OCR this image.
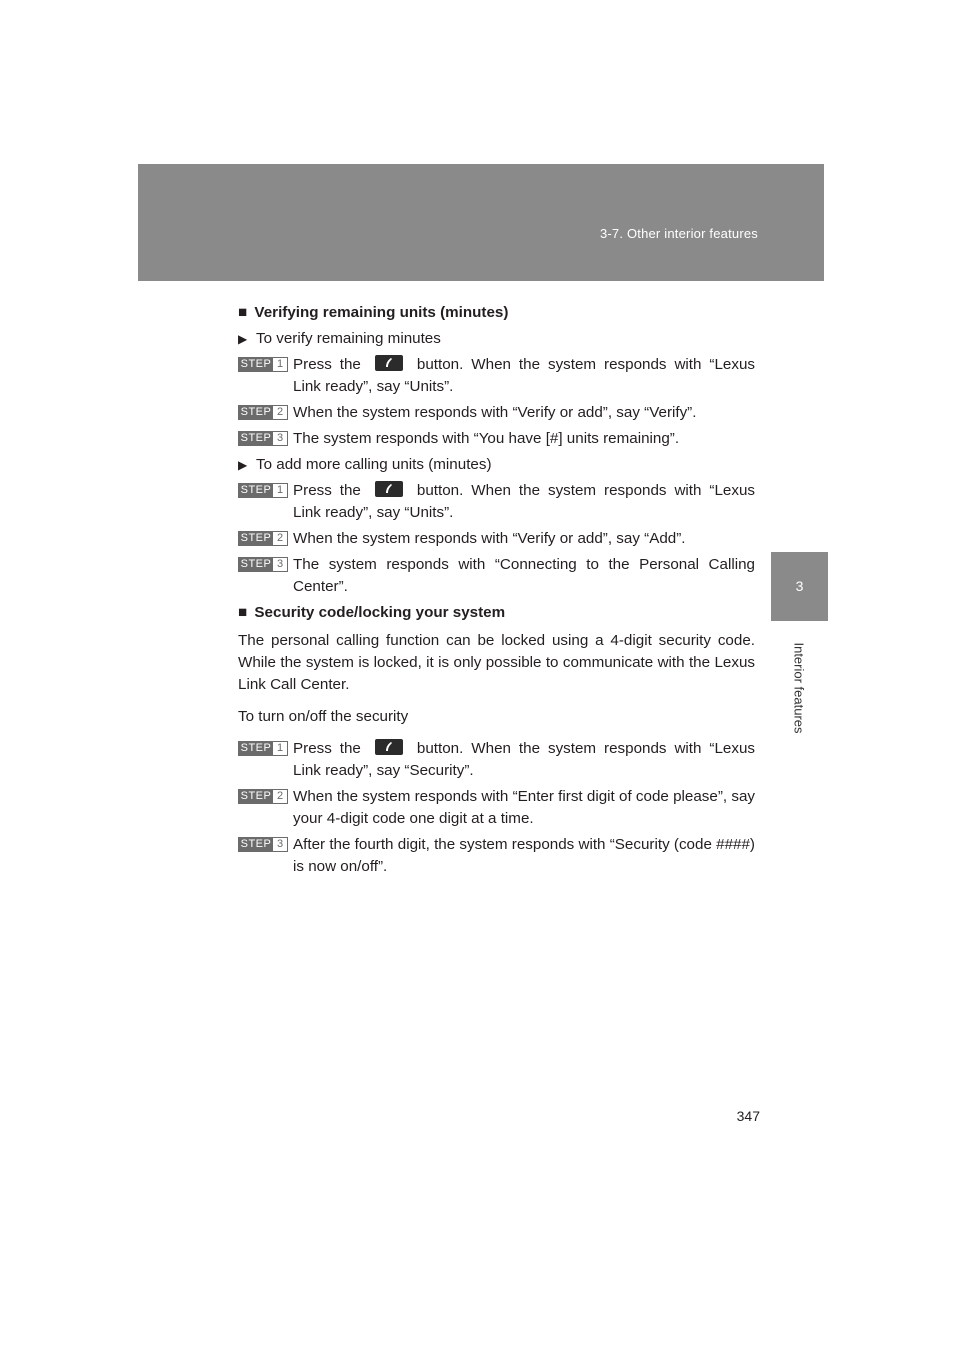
3-7. Other interior features
3
Interior features
■ Verifying remaining units (minutes)
▶ To verify remaining minutes
STEP 1 Press the	button. When the system responds with “Lexus Link ready”, say “Units”.
STEP 2 When the system responds with “Verify or add”, say “Verify”.
STEP 3 The system responds with “You have [#] units remaining”.
▶ To add more calling units (minutes)
STEP 1 Press the	button. When the system responds with “Lexus Link ready”, say “Units”.
STEP 2 When the system responds with “Verify or add”, say “Add”.
STEP 3 The system responds with “Connecting to the Personal Calling Center”.
■ Security code/locking your system
The personal calling function can be locked using a 4-digit security code. While the system is locked, it is only possible to communicate with the Lexus Link Call Center.
To turn on/off the security
STEP 1 Press the	button. When the system responds with “Lexus Link ready”, say “Security”.
STEP 2 When the system responds with “Enter first digit of code please”, say your 4-digit code one digit at a time.
STEP 3 After the fourth digit, the system responds with “Security (code ####) is now on/off”.
347
